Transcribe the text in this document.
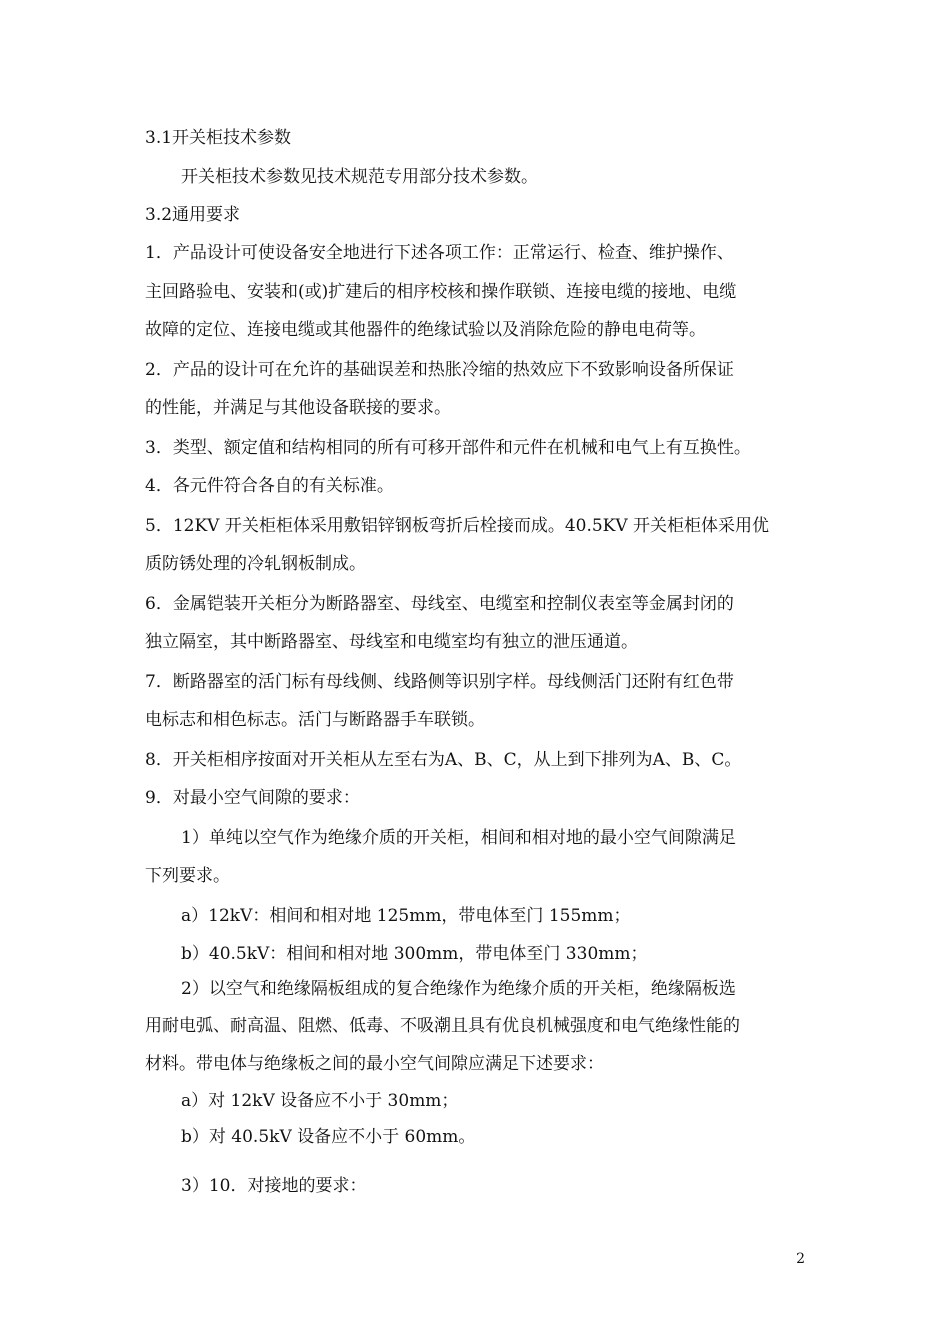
3.1开关柜技术参数
开关柜技术参数见技术规范专用部分技术参数。
3.2通用要求
1．产品设计可使设备安全地进行下述各项工作：正常运行、检查、维护操作、
主回路验电、安装和(或)扩建后的相序校核和操作联锁、连接电缆的接地、电缆
故障的定位、连接电缆或其他器件的绝缘试验以及消除危险的静电电荷等。
2．产品的设计可在允许的基础误差和热胀冷缩的热效应下不致影响设备所保证
的性能，并满足与其他设备联接的要求。
3．类型、额定值和结构相同的所有可移开部件和元件在机械和电气上有互换性。
4．各元件符合各自的有关标准。
5．12KV 开关柜柜体采用敷铝锌钢板弯折后栓接而成。40.5KV 开关柜柜体采用优
质防锈处理的冷轧钢板制成。
6．金属铠装开关柜分为断路器室、母线室、电缆室和控制仪表室等金属封闭的
独立隔室，其中断路器室、母线室和电缆室均有独立的泄压通道。
7．断路器室的活门标有母线侧、线路侧等识别字样。母线侧活门还附有红色带
电标志和相色标志。活门与断路器手车联锁。
8．开关柜相序按面对开关柜从左至右为A、B、C，从上到下排列为A、B、C。
9．对最小空气间隙的要求：
1）单纯以空气作为绝缘介质的开关柜，相间和相对地的最小空气间隙满足
下列要求。
a）12kV：相间和相对地 125mm，带电体至门 155mm；
b）40.5kV：相间和相对地 300mm，带电体至门 330mm；
2）以空气和绝缘隔板组成的复合绝缘作为绝缘介质的开关柜，绝缘隔板选
用耐电弧、耐高温、阻燃、低毒、不吸潮且具有优良机械强度和电气绝缘性能的
材料。带电体与绝缘板之间的最小空气间隙应满足下述要求：
a）对 12kV 设备应不小于 30mm；
b）对 40.5kV 设备应不小于 60mm。
3）10．对接地的要求：
2
